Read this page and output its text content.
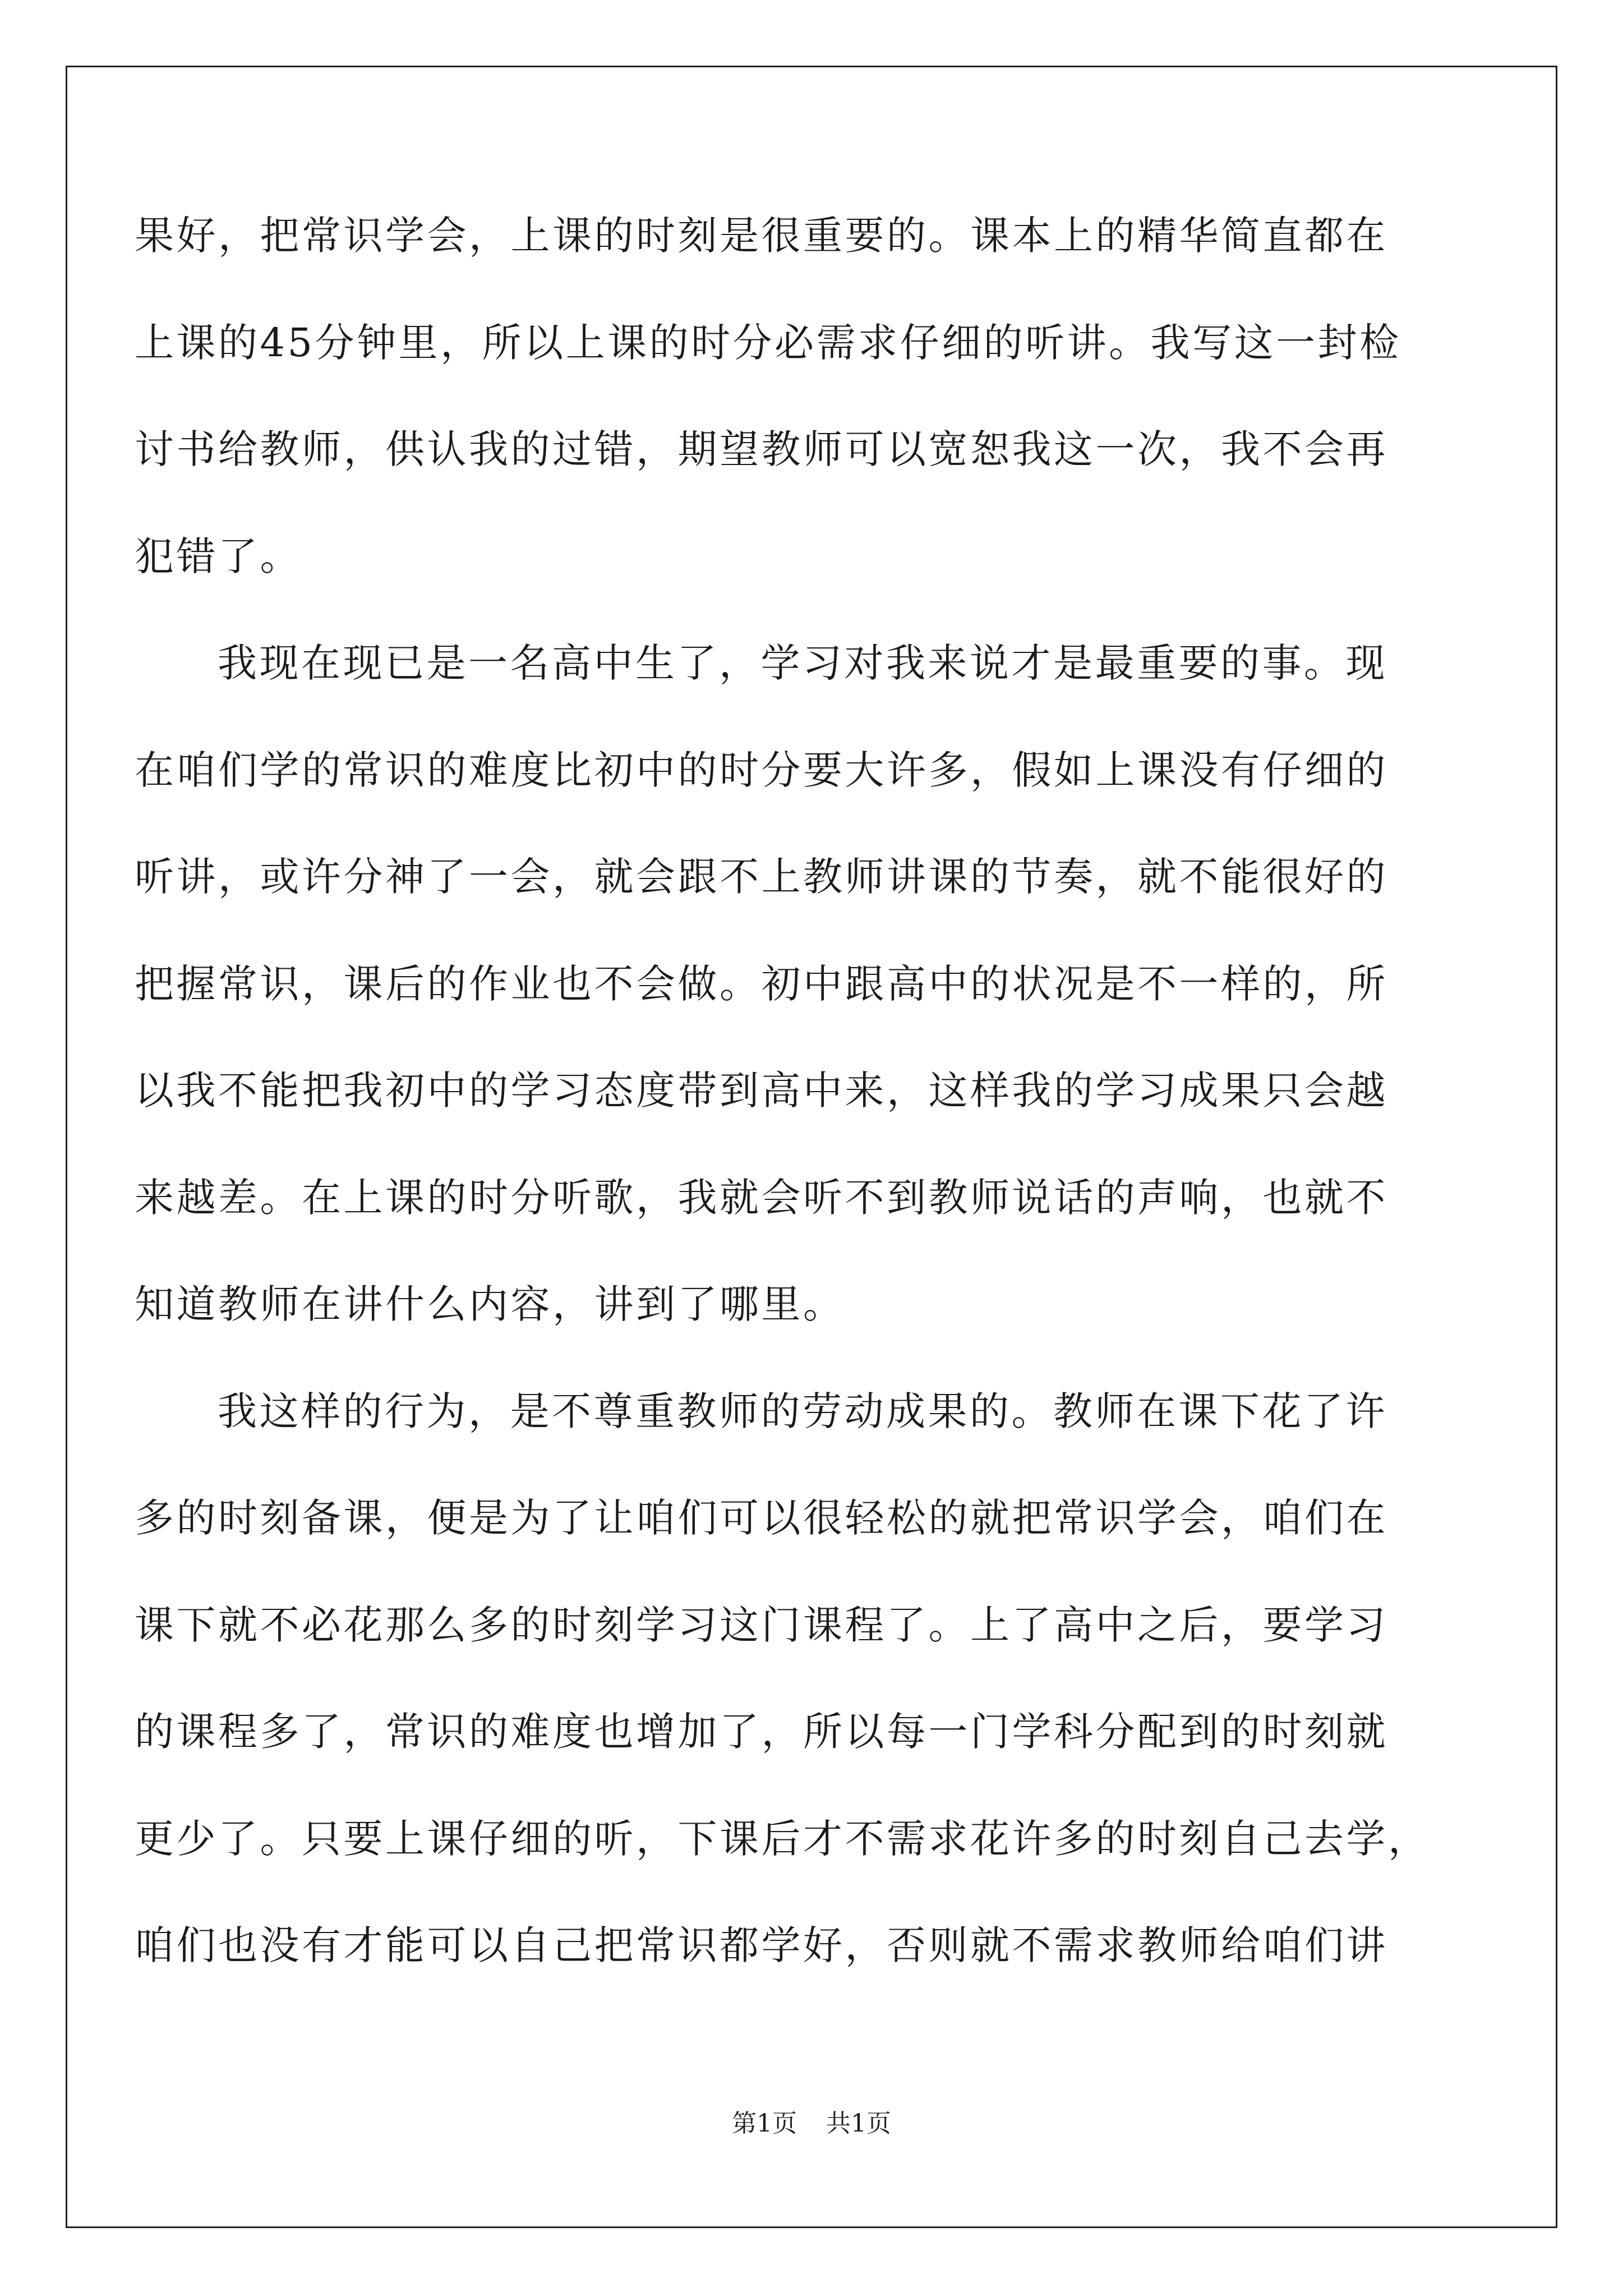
果好，把常识学会，上课的时刻是很重要的。课本上的精华简直都在
上课的45分钟里，所以上课的时分必需求仔细的听讲。我写这一封检
讨书给教师，供认我的过错，期望教师可以宽恕我这一次，我不会再
犯错了。
我现在现已是一名高中生了，学习对我来说才是最重要的事。现
在咱们学的常识的难度比初中的时分要大许多，假如上课没有仔细的
听讲，或许分神了一会，就会跟不上教师讲课的节奏，就不能很好的
把握常识，课后的作业也不会做。初中跟高中的状况是不一样的，所
以我不能把我初中的学习态度带到高中来，这样我的学习成果只会越
来越差。在上课的时分听歌，我就会听不到教师说话的声响，也就不
知道教师在讲什么内容，讲到了哪里。
我这样的行为，是不尊重教师的劳动成果的。教师在课下花了许
多的时刻备课，便是为了让咱们可以很轻松的就把常识学会，咱们在
课下就不必花那么多的时刻学习这门课程了。上了高中之后，要学习
的课程多了，常识的难度也增加了，所以每一门学科分配到的时刻就
更少了。只要上课仔细的听，下课后才不需求花许多的时刻自己去学，
咱们也没有才能可以自己把常识都学好，否则就不需求教师给咱们讲
第1页 共1页
